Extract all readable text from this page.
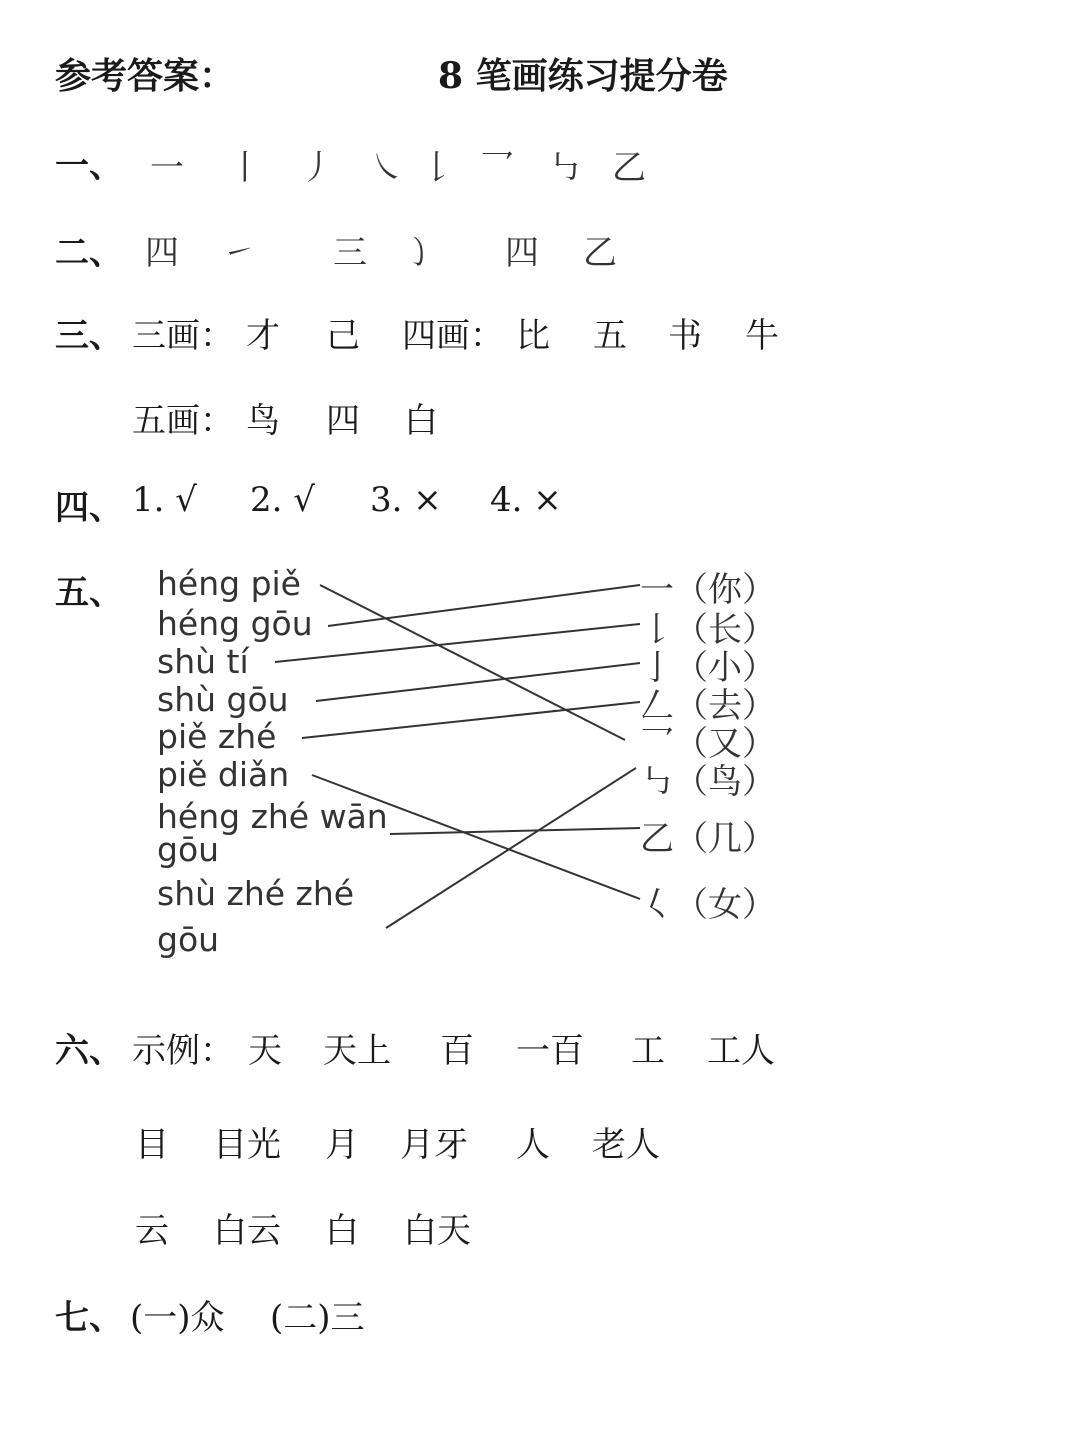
参考答案：	8 笔画练习提分卷
一、 一 丨 丿 ㇏ 𠄌 乛 ㇉ 乙
二、 四 ㇀ 三 ㇁ 四 乙
三、 三画： 才 己 四画： 比 五 书 牛
五画： 鸟 四 白
四、 1. √ 2. √ 3. × 4. ×
五、 héng piě
héng gōu
shù tí
shù gōu
piě zhé
piě diǎn
héng zhé wān
gōu
shù zhé zhé
gōu
一（你）
𠄌（长）
亅（小）
𠃋（去）
乛（又）
㇉（鸟）
乙（几）
𡿨（女）
六、 示例： 天 天上 百 一百 工 工人
目 目光 月 月牙 人 老人
云 白云 白 白天
七、 (一)众 (二)三
